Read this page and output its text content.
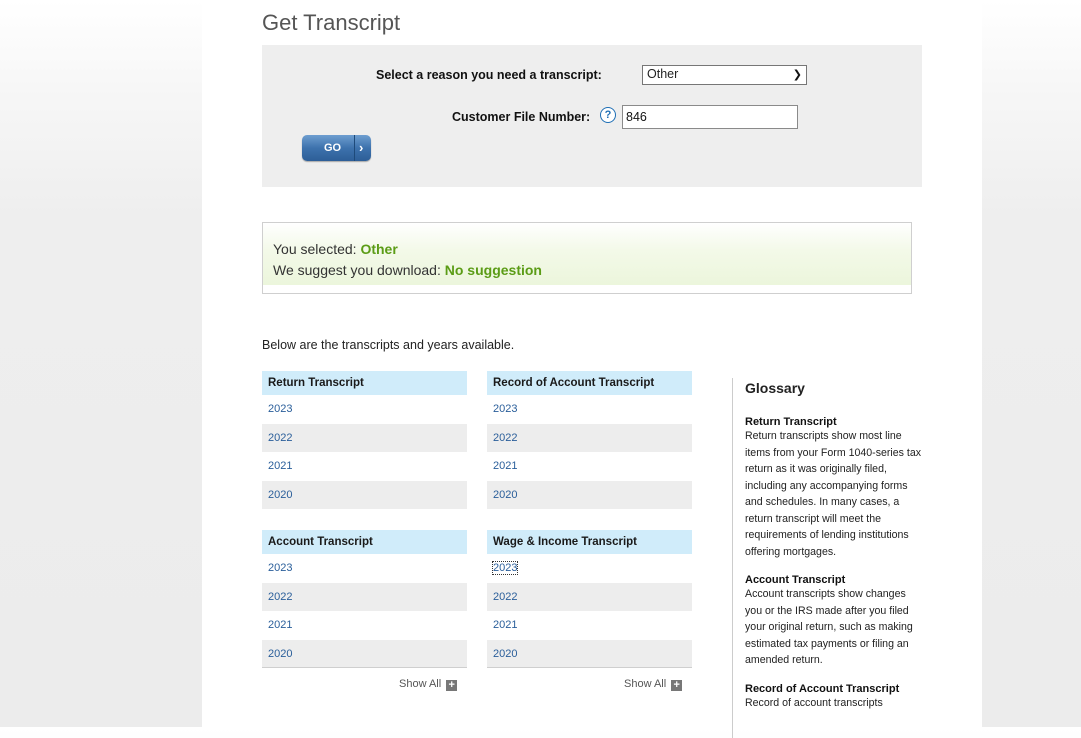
Get Transcript
Select a reason you need a transcript:	Other	❯
Customer File Number:	?	846
GO ›
You selected: Other
We suggest you download: No suggestion
Below are the transcripts and years available.
Return Transcript
2023
2022
2021
2020
Record of Account Transcript
2023
2022
2021
2020
Account Transcript
2023
2022
2021
2020
Show All +
Wage & Income Transcript
2023
2022
2021
2020
Show All +
Glossary
Return Transcript
Return transcripts show most line items from your Form 1040-series tax return as it was originally filed, including any accompanying forms and schedules. In many cases, a return transcript will meet the requirements of lending institutions offering mortgages.
Account Transcript
Account transcripts show changes you or the IRS made after you filed your original return, such as making estimated tax payments or filing an amended return.
Record of Account Transcript
Record of account transcripts
